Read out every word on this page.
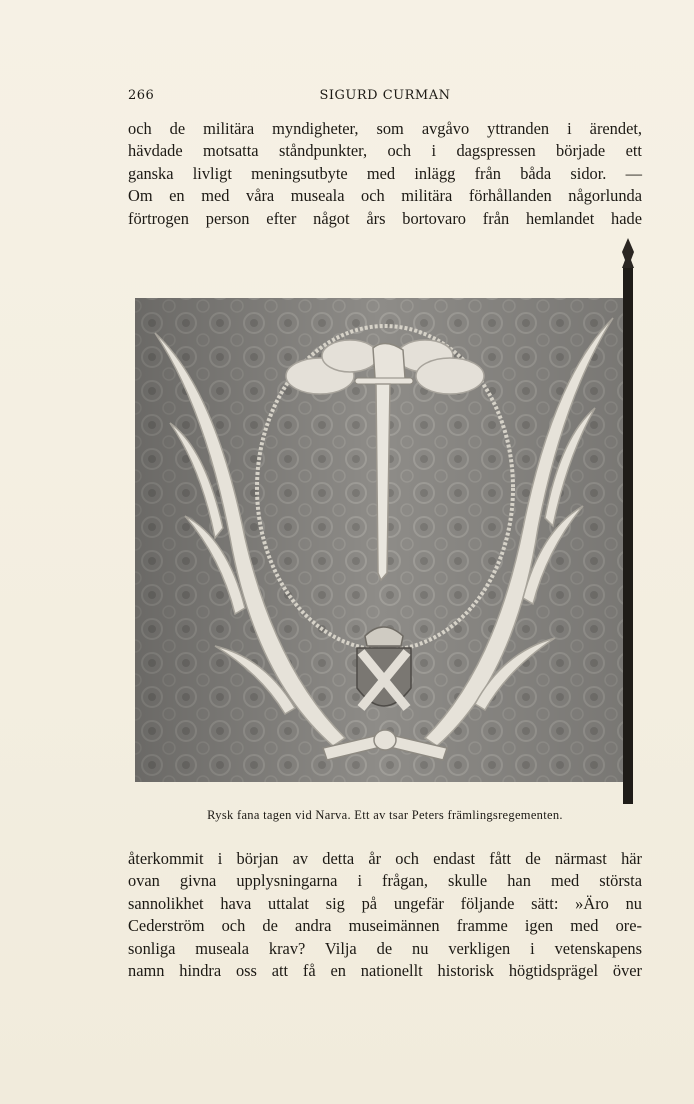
266	SIGURD CURMAN
och de militära myndigheter, som avgåvo yttranden i ärendet,
hävdade motsatta ståndpunkter, och i dagspressen började ett
ganska livligt meningsutbyte med inlägg från båda sidor. —
Om en med våra museala och militära förhållanden någorlunda
förtrogen person efter något års bortovaro från hemlandet hade
Rysk fana tagen vid Narva. Ett av tsar Peters främlingsregementen.
återkommit i början av detta år och endast fått de närmast här
ovan givna upplysningarna i frågan, skulle han med största
sannolikhet hava uttalat sig på ungefär följande sätt: »Äro nu
Cederström och de andra museimännen framme igen med ore-
sonliga museala krav? Vilja de nu verkligen i vetenskapens
namn hindra oss att få en nationellt historisk högtidsprägel över
